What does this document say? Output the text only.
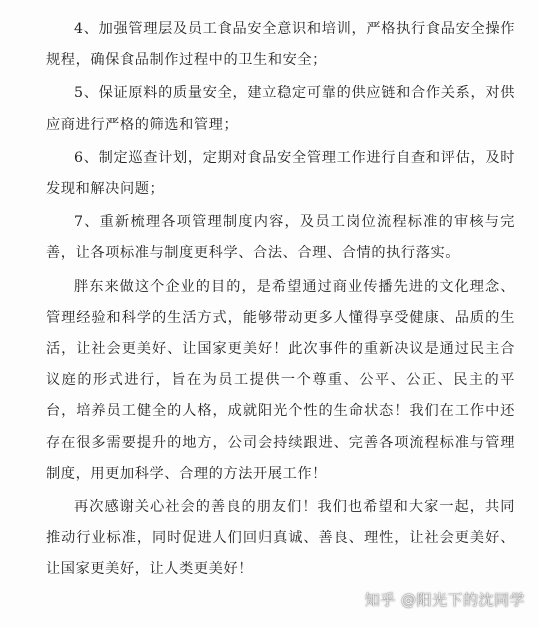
4、加强管理层及员工食品安全意识和培训，严格执行食品安全操作规程，确保食品制作过程中的卫生和安全；

5、保证原料的质量安全，建立稳定可靠的供应链和合作关系，对供应商进行严格的筛选和管理；

6、制定巡查计划，定期对食品安全管理工作进行自查和评估，及时发现和解决问题；

7、重新梳理各项管理制度内容，及员工岗位流程标准的审核与完善，让各项标准与制度更科学、合法、合理、合情的执行落实。

胖东来做这个企业的目的，是希望通过商业传播先进的文化理念、管理经验和科学的生活方式，能够带动更多人懂得享受健康、品质的生活，让社会更美好、让国家更美好！此次事件的重新决议是通过民主合议庭的形式进行，旨在为员工提供一个尊重、公平、公正、民主的平台，培养员工健全的人格，成就阳光个性的生命状态！我们在工作中还存在很多需要提升的地方，公司会持续跟进、完善各项流程标准与管理制度，用更加科学、合理的方法开展工作！

再次感谢关心社会的善良的朋友们！我们也希望和大家一起，共同推动行业标准，同时促进人们回归真诚、善良、理性，让社会更美好、让国家更美好，让人类更美好！

知乎 @阳光下的沈同学
